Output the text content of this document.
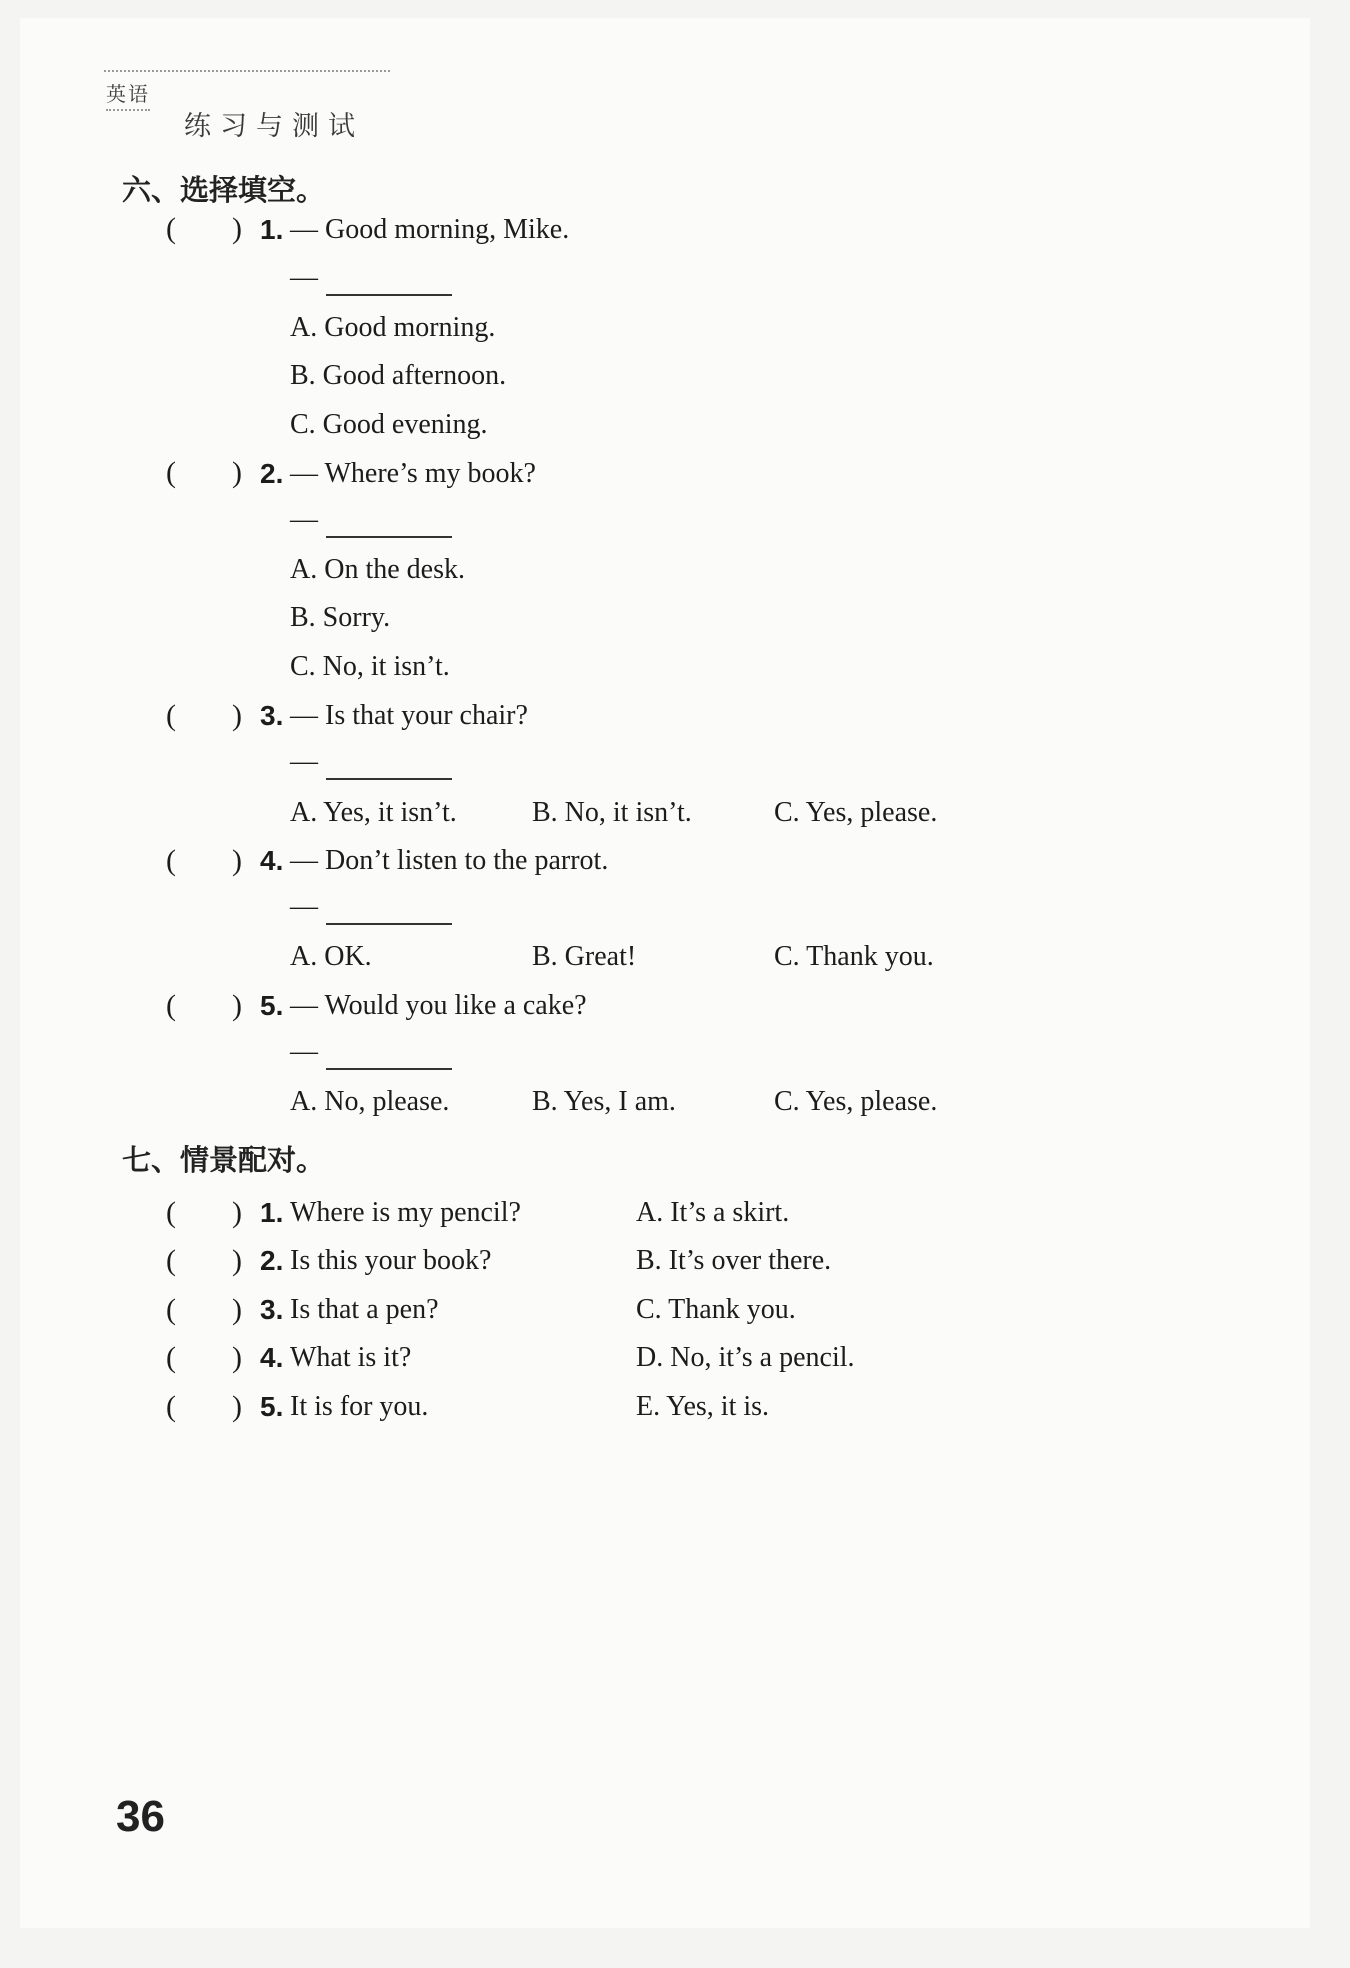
英语
练习与测试
六、选择填空。
( ) 1. — Good morning, Mike.
—
A. Good morning.
B. Good afternoon.
C. Good evening.
( ) 2. — Where’s my book?
—
A. On the desk.
B. Sorry.
C. No, it isn’t.
( ) 3. — Is that your chair?
—
A. Yes, it isn’t.	B. No, it isn’t.	C. Yes, please.
( ) 4. — Don’t listen to the parrot.
—
A. OK.	B. Great!	C. Thank you.
( ) 5. — Would you like a cake?
—
A. No, please.	B. Yes, I am.	C. Yes, please.
七、情景配对。
( ) 1. Where is my pencil?	A. It’s a skirt.
( ) 2. Is this your book?	B. It’s over there.
( ) 3. Is that a pen?	C. Thank you.
( ) 4. What is it?	D. No, it’s a pencil.
( ) 5. It is for you.	E. Yes, it is.
36
